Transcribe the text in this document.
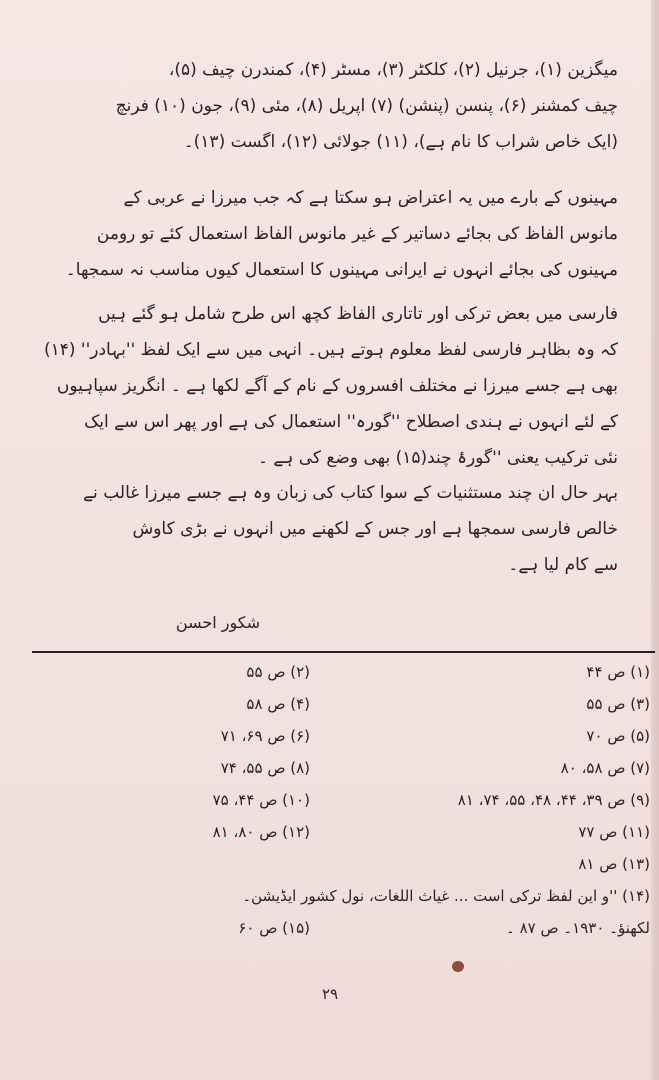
میگزین (۱)، جرنیل (۲)، کلکٹر (۳)، مسٹر (۴)، کمندرن چیف (۵)،
چیف کمشنر (۶)، پنسن (پنشن) (۷) اپریل (۸)، مئی (۹)، جون (۱۰) فرنچ
(ایک خاص شراب کا نام ہے)، (۱۱) جولائی (۱۲)، اگست (۱۳)۔
مہینوں کے بارے میں یہ اعتراض ہو سکتا ہے کہ جب میرزا نے عربی کے
مانوس الفاظ کی بجائے دساتیر کے غیر مانوس الفاظ استعمال کئے تو رومن
مہینوں کی بجائے انہوں نے ایرانی مہینوں کا استعمال کیوں مناسب نہ سمجھا۔
فارسی میں بعض ترکی اور تاتاری الفاظ کچھ اس طرح شامل ہو گئے ہیں
کہ وہ بظاہر فارسی لفظ معلوم ہوتے ہیں۔ انہی میں سے ایک لفظ ''بہادر'' (۱۴)
بھی ہے جسے میرزا نے مختلف افسروں کے نام کے آگے لکھا ہے ۔ انگریز سپاہیوں
کے لئے انہوں نے ہندی اصطلاح ''گورہ'' استعمال کی ہے اور پھر اس سے ایک
نئی ترکیب یعنی ''گورۂ چند(۱۵) بھی وضع کی ہے ۔
بہر حال ان چند مستثنیات کے سوا کتاب کی زبان وہ ہے جسے میرزا غالب نے
خالص فارسی سمجھا ہے اور جس کے لکھنے میں انہوں نے بڑی کاوش
سے کام لیا ہے۔
شکور احسن
(۱) ص ۴۴
(۲) ص ۵۵
(۳) ص ۵۵
(۴) ص ۵۸
(۵) ص ۷۰
(۶) ص ۶۹، ۷۱
(۷) ص ۵۸، ۸۰
(۸) ص ۵۵، ۷۴
(۹) ص ۳۹، ۴۴، ۴۸، ۵۵، ۷۴، ۸۱
(۱۰) ص ۴۴، ۷۵
(۱۱) ص ۷۷
(۱۲) ص ۸۰، ۸۱
(۱۳) ص ۸۱
(۱۴) ''و این لفظ ترکی است ... غیاث اللغات، نول کشور ایڈیشن۔
لکھنؤ۔ ۱۹۳۰۔ ص ۸۷ ۔
(۱۵) ص ۶۰
۲۹
